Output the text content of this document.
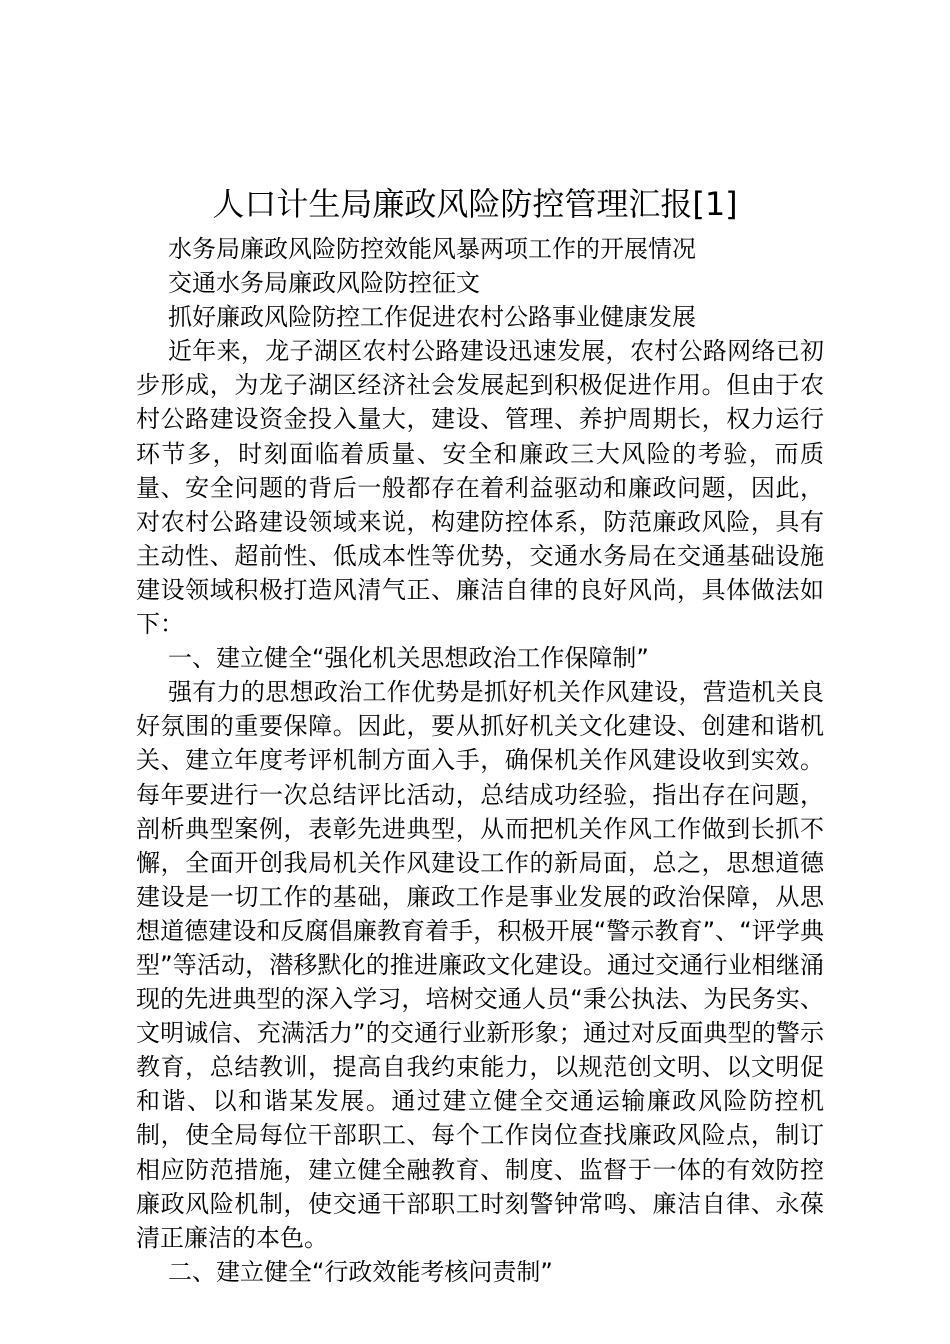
人口计生局廉政风险防控管理汇报[1]

水务局廉政风险防控效能风暴两项工作的开展情况

交通水务局廉政风险防控征文

抓好廉政风险防控工作促进农村公路事业健康发展

近年来，龙子湖区农村公路建设迅速发展，农村公路网络已初步形成，为龙子湖区经济社会发展起到积极促进作用。但由于农村公路建设资金投入量大，建设、管理、养护周期长，权力运行环节多，时刻面临着质量、安全和廉政三大风险的考验，而质量、安全问题的背后一般都存在着利益驱动和廉政问题，因此，对农村公路建设领域来说，构建防控体系，防范廉政风险，具有主动性、超前性、低成本性等优势，交通水务局在交通基础设施建设领域积极打造风清气正、廉洁自律的良好风尚，具体做法如下：

一、建立健全“强化机关思想政治工作保障制”

强有力的思想政治工作优势是抓好机关作风建设，营造机关良好氛围的重要保障。因此，要从抓好机关文化建设、创建和谐机关、建立年度考评机制方面入手，确保机关作风建设收到实效。每年要进行一次总结评比活动，总结成功经验，指出存在问题，剖析典型案例，表彰先进典型，从而把机关作风工作做到长抓不懈，全面开创我局机关作风建设工作的新局面，总之，思想道德建设是一切工作的基础，廉政工作是事业发展的政治保障，从思想道德建设和反腐倡廉教育着手，积极开展“警示教育”、“评学典型”等活动，潜移默化的推进廉政文化建设。通过交通行业相继涌现的先进典型的深入学习，培树交通人员“秉公执法、为民务实、文明诚信、充满活力”的交通行业新形象；通过对反面典型的警示教育，总结教训，提高自我约束能力，以规范创文明、以文明促和谐、以和谐某发展。通过建立健全交通运输廉政风险防控机制，使全局每位干部职工、每个工作岗位查找廉政风险点，制订相应防范措施，建立健全融教育、制度、监督于一体的有效防控廉政风险机制，使交通干部职工时刻警钟常鸣、廉洁自律、永葆清正廉洁的本色。

二、建立健全“行政效能考核问责制”
